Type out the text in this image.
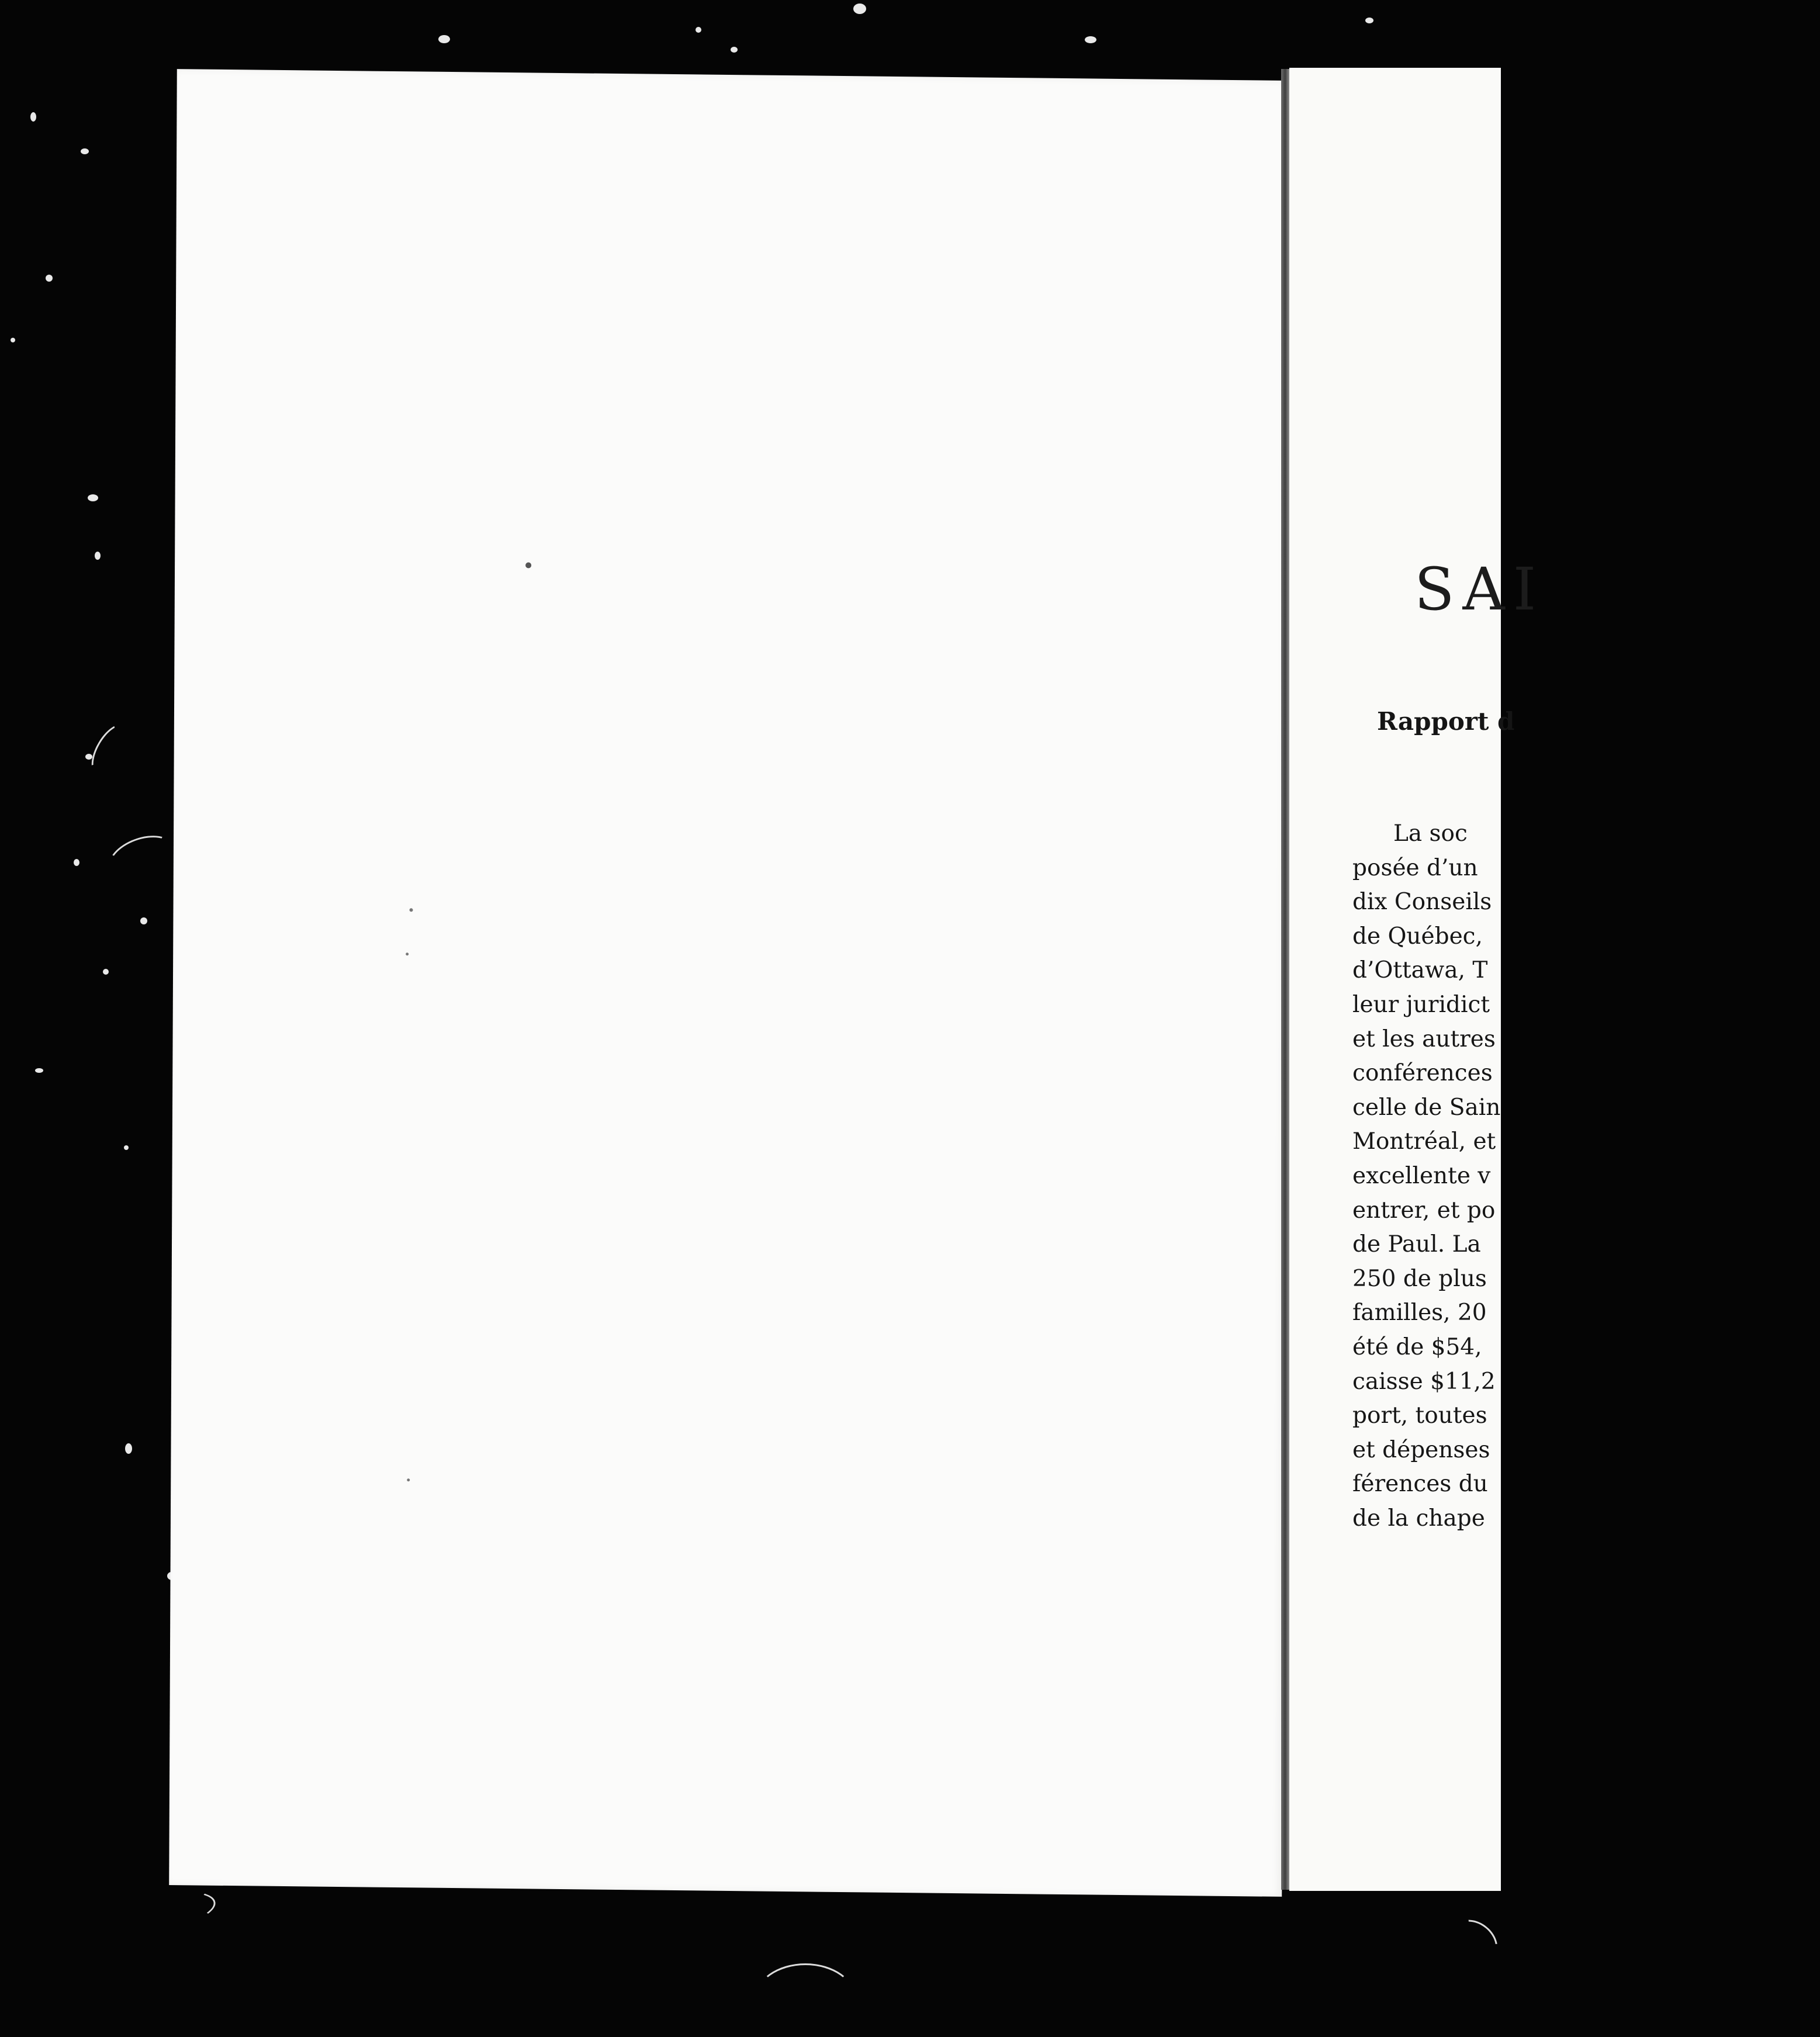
SAI
Rapport d
La soc
posée d’un
dix Conseils
de Québec,
d’Ottawa, T
leur juridict
et les autres
conférences
celle de Sain
Montréal, et
excellente v
entrer, et po
de Paul. La
250 de plus
familles, 20
été de $54,
caisse $11,2
port, toutes
et dépenses
férences du
de la chape
